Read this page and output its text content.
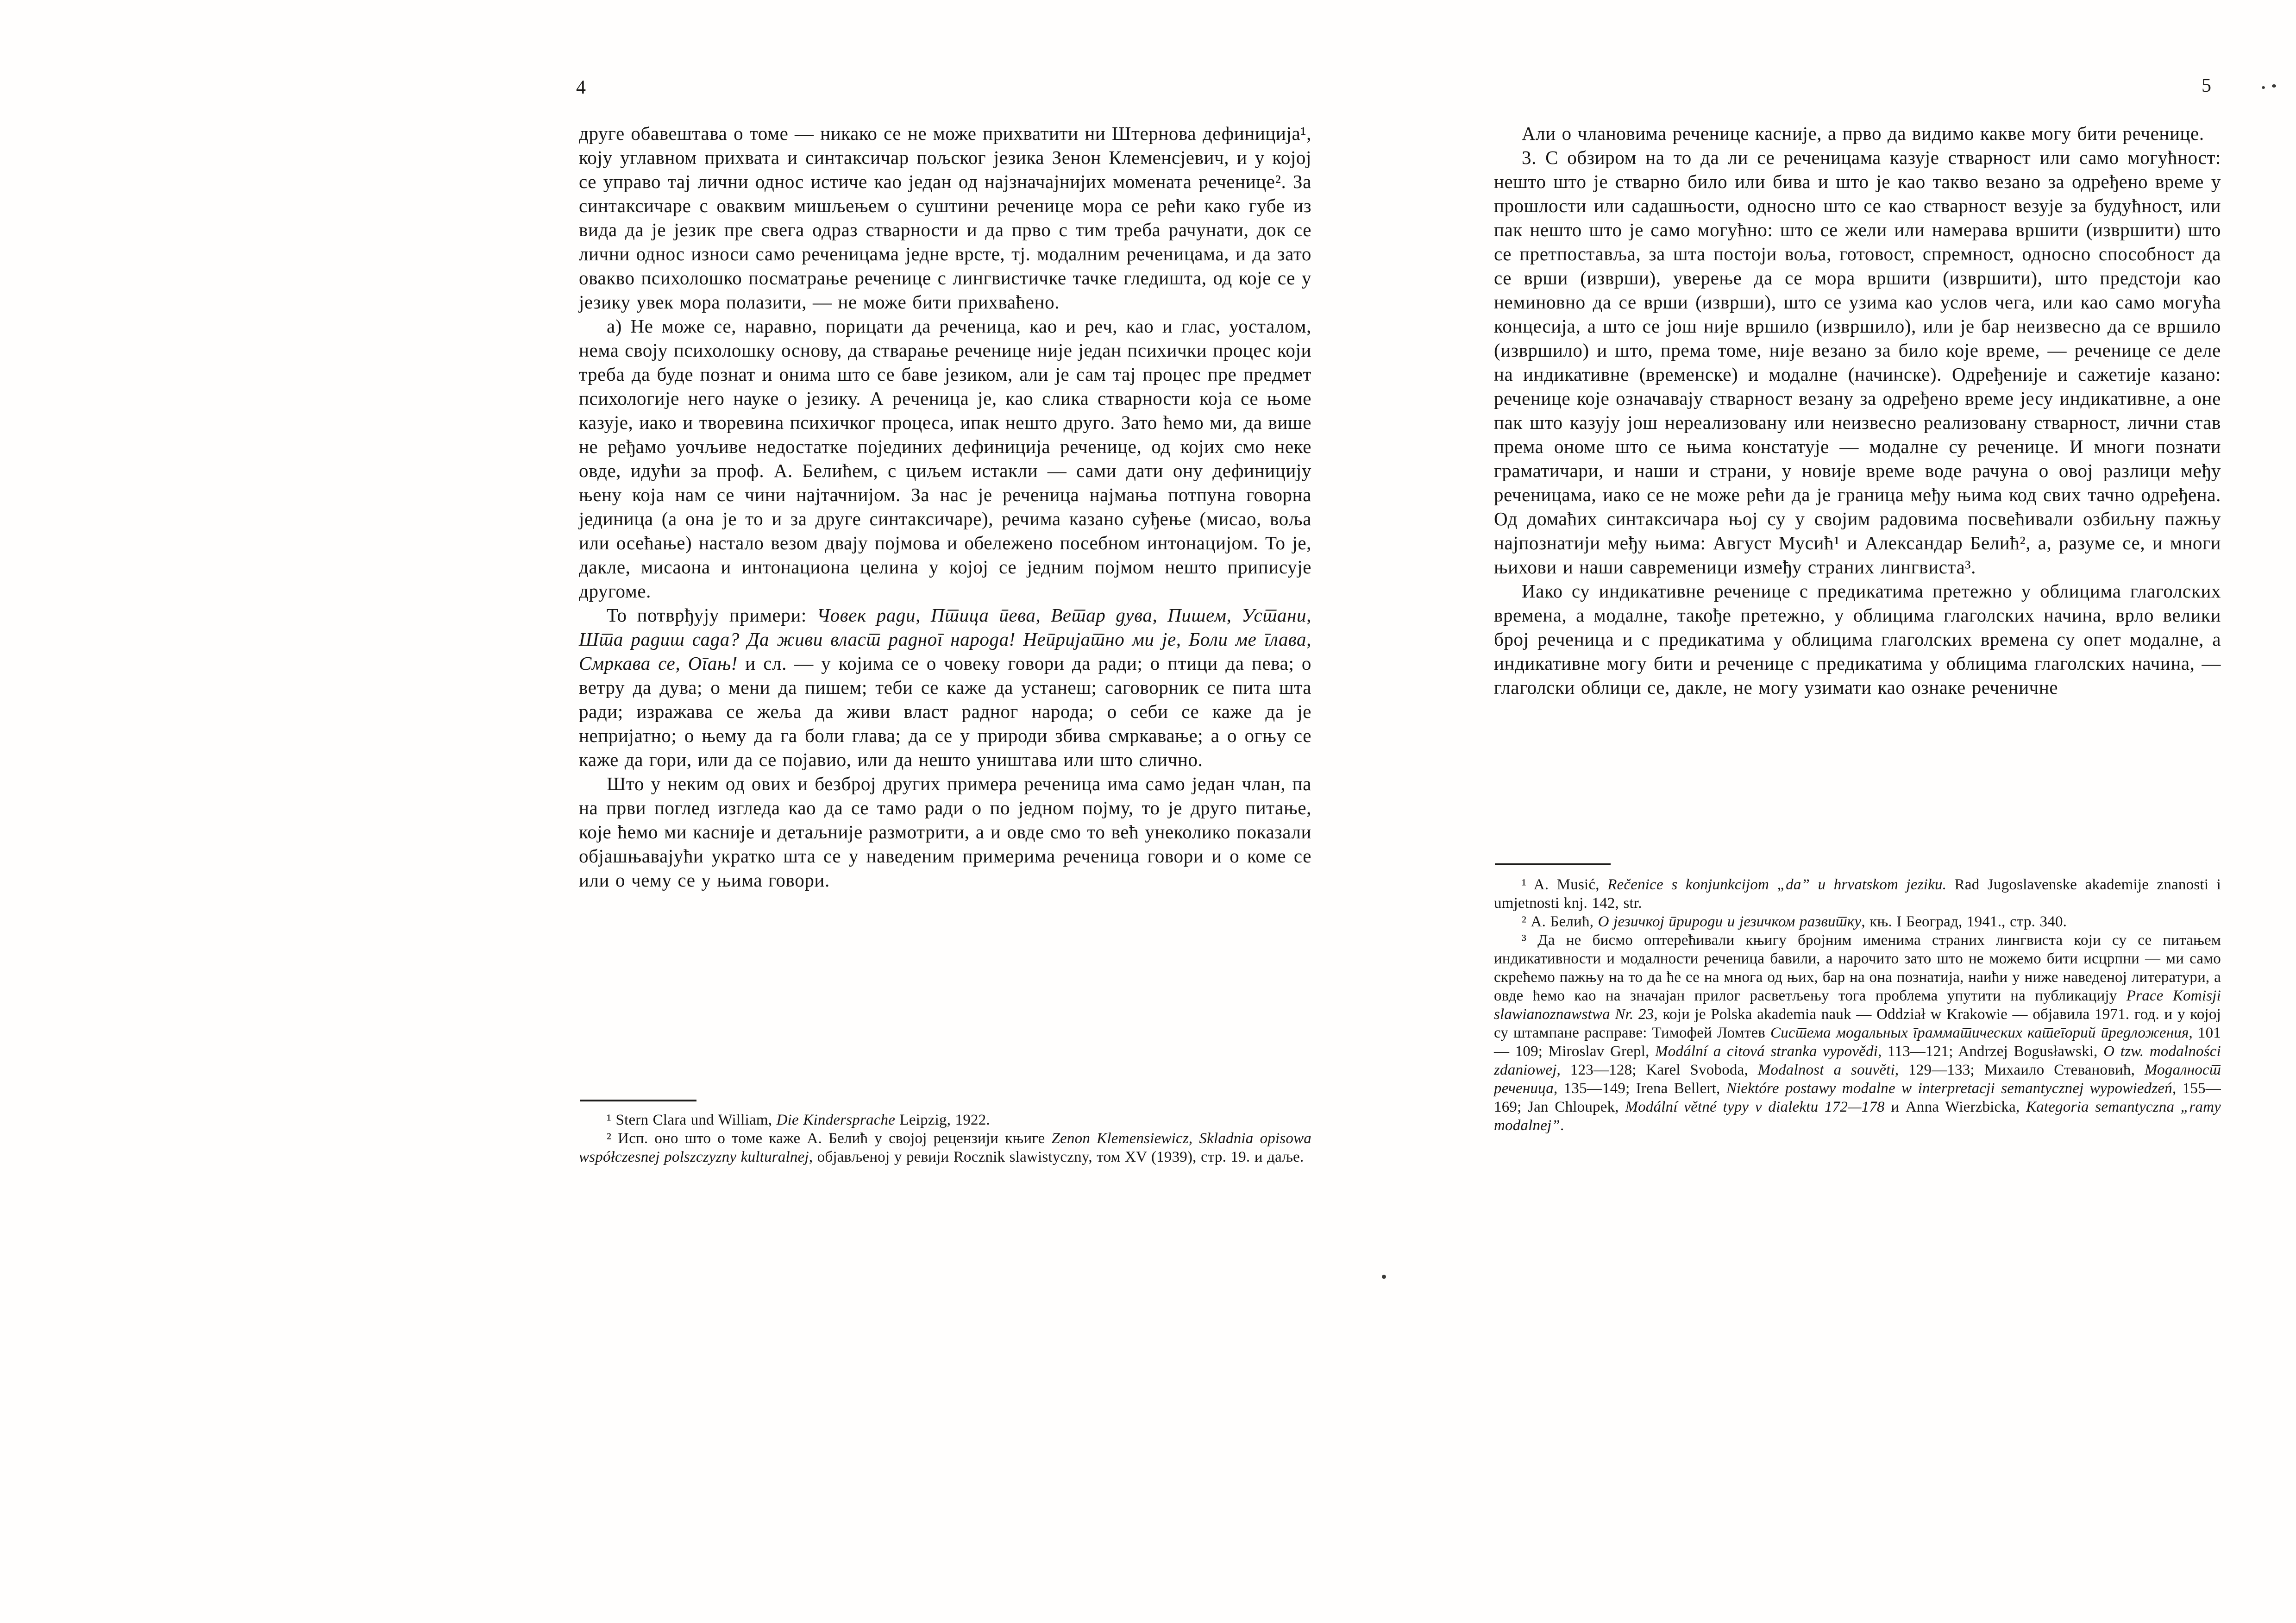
4

друге обавештава о томе — никако се не може прихватити ни Штернова дефиниција¹, коју углавном прихвата и синтаксичар пољског језика Зенон Клеменсјевич, и у којој се управо тај лични однос истиче као један од најзначајнијих момената реченице². За синтаксичаре с оваквим мишљењем о суштини реченице мора се рећи како губе из вида да је језик пре свега одраз стварности и да прво с тим треба рачунати, док се лични однос износи само реченицама једне врсте, тј. модалним реченицама, и да зато овакво психолошко посматрање реченице с лингвистичке тачке гледишта, од које се у језику увек мора полазити, — не може бити прихваћено.

а) Не може се, наравно, порицати да реченица, као и реч, као и глас, уосталом, нема своју психолошку основу, да стварање реченице није један психички процес који треба да буде познат и онима што се баве језиком, али је сам тај процес пре предмет психологије него науке о језику. А реченица је, као слика стварности која се њоме казује, иако и творевина психичког процеса, ипак нешто друго. Зато ћемо ми, да више не ређамо уочљиве недостатке појединих дефиниција реченице, од којих смо неке овде, идући за проф. А. Белићем, с циљем истакли — сами дати ону дефиницију њену која нам се чини најтачнијом. За нас је реченица најмања потпуна говорна јединица (а она је то и за друге синтаксичаре), речима казано суђење (мисао, воља или осећање) настало везом двају појмова и обележено посебном интонацијом. То је, дакле, мисаона и интонациона целина у којој се једним појмом нешто приписује другоме.

То потврђују примери: Човек ради, Птица пева, Ветар дува, Пишем, Устани, Шта радиш сада? Да живи власт радног народа! Непријатно ми је, Боли ме глава, Смркава се, Огањ! и сл. — у којима се о човеку говори да ради; о птици да пева; о ветру да дува; о мени да пишем; теби се каже да устанеш; саговорник се пита шта ради; изражава се жеља да живи власт радног народа; о себи се каже да је непријатно; о њему да га боли глава; да се у природи збива смркавање; а о огњу се каже да гори, или да се појавио, или да нешто уништава или што слично.

Што у неким од ових и безброј других примера реченица има само један члан, па на први поглед изгледа као да се тамо ради о по једном појму, то је друго питање, које ћемо ми касније и детаљније размотрити, а и овде смо то већ унеколико показали објашњавајући укратко шта се у наведеним примерима реченица говори и о коме се или о чему се у њима говори.

¹ Stern Clara und William, Die Kindersprache Leipzig, 1922.

² Исп. оно што о томе каже А. Белић у својој рецензији књиге Zenon Klemensiewicz, Skladnia opisowa współczesnej polszczyzny kulturalnej, објављеној у ревији Rocznik slawistyczny, том XV (1939), стр. 19. и даље.

5

Али о члановима реченице касније, а прво да видимо какве могу бити реченице.

3. С обзиром на то да ли се реченицама казује стварност или само могућност: нешто што је стварно било или бива и што је као такво везано за одређено време у прошлости или садашњости, односно што се као стварност везује за будућност, или пак нешто што је само могућно: што се жели или намерава вршити (извршити) што се претпоставља, за шта постоји воља, готовост, спремност, односно способност да се врши (изврши), уверење да се мора вршити (извршити), што предстоји као неминовно да се врши (изврши), што се узима као услов чега, или као само могућа концесија, а што се још није вршило (извршило), или је бар неизвесно да се вршило (извршило) и што, према томе, није везано за било које време, — реченице се деле на индикативне (временске) и модалне (начинске). Одређеније и сажетије казано: реченице које означавају стварност везану за одређено време јесу индикативне, а оне пак што казују још нереализовану или неизвесно реализовану стварност, лични став према ономе што се њима констатује — модалне су реченице. И многи познати граматичари, и наши и страни, у новије време воде рачуна о овој разлици међу реченицама, иако се не може рећи да је граница међу њима код свих тачно одређена. Од домаћих синтаксичара њој су у својим радовима посвећивали озбиљну пажњу најпознатији међу њима: Август Мусић¹ и Александар Белић², а, разуме се, и многи њихови и наши савременици између страних лингвиста³.

Иако су индикативне реченице с предикатима претежно у облицима глаголских времена, а модалне, такође претежно, у облицима глаголских начина, врло велики број реченица и с предикатима у облицима глаголских времена су опет модалне, а индикативне могу бити и реченице с предикатима у облицима глаголских начина, — глаголски облици се, дакле, не могу узимати као ознаке реченичне

¹ A. Musić, Rečenice s konjunkcijom „da” u hrvatskom jeziku. Rad Jugoslavenske akademije znanosti i umjetnosti knj. 142, str.

² А. Белић, О језичкој природи и језичком развитку, књ. I Београд, 1941., стр. 340.

³ Да не бисмо оптерећивали књигу бројним именима страних лингвиста који су се питањем индикативности и модалности реченица бавили, а нарочито зато што не можемо бити исцрпни — ми само скрећемо пажњу на то да ће се на многа од њих, бар на она познатија, наићи у ниже наведеној литератури, а овде ћемо као на значајан прилог расветљењу тога проблема упутити на публикацију Prace Komisji slawianoznawstwa Nr. 23, који је Polska akademia nauk — Oddział w Krakowie — објавила 1971. год. и у којој су штампане расправе: Тимофей Ломтев Система модальных грамматических категорий предложения, 101— 109; Miroslav Grepl, Modální a citová stranka vypovědi, 113—121; Andrzej Bogusławski, O tzw. modalności zdaniowej, 123—128; Karel Svoboda, Modalnost a souvěti, 129—133; Михаило Стевановић, Модалност реченица, 135—149; Irena Bellert, Niektóre postawy modalne w interpretacji semantycznej wypowiedzeń, 155—169; Jan Chloupek, Modální větné typy v dialektu 172—178 и Anna Wierzbicka, Kategoria semantyczna „ramy modalnej”.
